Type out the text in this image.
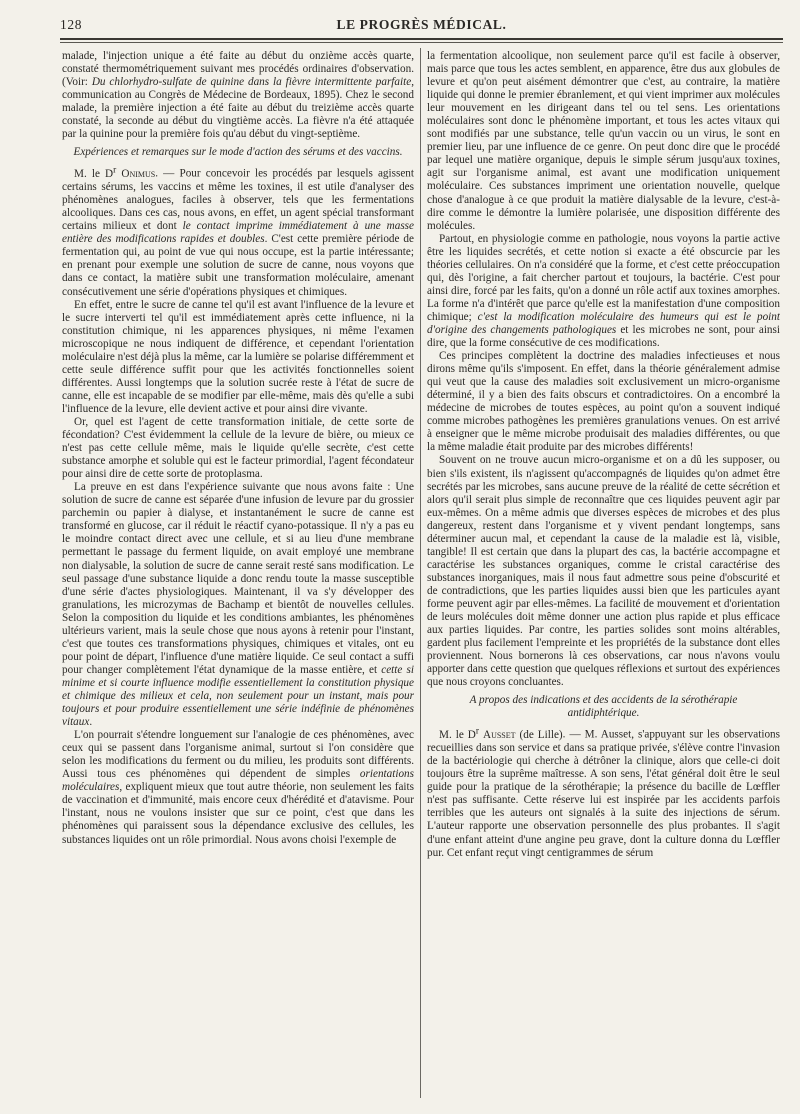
128	LE PROGRÈS MÉDICAL.

malade, l'injection unique a été faite au début du onzième accès quarte, constaté thermométriquement suivant mes procédés ordinaires d'observation. (Voir: Du chlorhydro-sulfate de quinine dans la fièvre intermittente parfaite, communication au Congrès de Médecine de Bordeaux, 1895). Chez le second malade, la première injection a été faite au début du treizième accès quarte constaté, la seconde au début du vingtième accès. La fièvre n'a été attaquée par la quinine pour la première fois qu'au début du vingt-septième.

Expériences et remarques sur le mode d'action des sérums et des vaccins.

M. le $D^r$ Onimus. — Pour concevoir les procédés par lesquels agissent certains sérums, les vaccins et même les toxines, il est utile d'analyser des phénomènes analogues, faciles à observer, tels que les fermentations alcooliques. Dans ces cas, nous avons, en effet, un agent spécial transformant certains milieux et dont le contact imprime immédiatement à une masse entière des modifications rapides et doubles. C'est cette première période de fermentation qui, au point de vue qui nous occupe, est la partie intéressante; en prenant pour exemple une solution de sucre de canne, nous voyons que dans ce contact, la matière subit une transformation moléculaire, amenant consécutivement une série d'opérations physiques et chimiques.

En effet, entre le sucre de canne tel qu'il est avant l'influence de la levure et le sucre interverti tel qu'il est immédiatement après cette influence, ni la constitution chimique, ni les apparences physiques, ni même l'examen microscopique ne nous indiquent de différence, et cependant l'orientation moléculaire n'est déjà plus la même, car la lumière se polarise différemment et cette seule différence suffit pour que les activités fonctionnelles soient différentes. Aussi longtemps que la solution sucrée reste à l'état de sucre de canne, elle est incapable de se modifier par elle-même, mais dès qu'elle a subi l'influence de la levure, elle devient active et pour ainsi dire vivante.

Or, quel est l'agent de cette transformation initiale, de cette sorte de fécondation? C'est évidemment la cellule de la levure de bière, ou mieux ce n'est pas cette cellule même, mais le liquide qu'elle secrète, c'est cette substance amorphe et soluble qui est le facteur primordial, l'agent fécondateur pour ainsi dire de cette sorte de protoplasma.

La preuve en est dans l'expérience suivante que nous avons faite : Une solution de sucre de canne est séparée d'une infusion de levure par du grossier parchemin ou papier à dialyse, et instantanément le sucre de canne est transformé en glucose, car il réduit le réactif cyano-potassique. Il n'y a pas eu le moindre contact direct avec une cellule, et si au lieu d'une membrane permettant le passage du ferment liquide, on avait employé une membrane non dialysable, la solution de sucre de canne serait resté sans modification. Le seul passage d'une substance liquide a donc rendu toute la masse susceptible d'une série d'actes physiologiques. Maintenant, il va s'y développer des granulations, les microzymas de Bachamp et bientôt de nouvelles cellules. Selon la composition du liquide et les conditions ambiantes, les phénomènes ultérieurs varient, mais la seule chose que nous ayons à retenir pour l'instant, c'est que toutes ces transformations physiques, chimiques et vitales, ont eu pour point de départ, l'influence d'une matière liquide. Ce seul contact a suffi pour changer complètement l'état dynamique de la masse entière, et cette si minime et si courte influence modifie essentiellement la constitution physique et chimique des milieux et cela, non seulement pour un instant, mais pour toujours et pour produire essentiellement une série indéfinie de phénomènes vitaux.

L'on pourrait s'étendre longuement sur l'analogie de ces phénomènes, avec ceux qui se passent dans l'organisme animal, surtout si l'on considère que selon les modifications du ferment ou du milieu, les produits sont différents. Aussi tous ces phénomènes qui dépendent de simples orientations moléculaires, expliquent mieux que tout autre théorie, non seulement les faits de vaccination et d'immunité, mais encore ceux d'hérédité et d'atavisme. Pour l'instant, nous ne voulons insister que sur ce point, c'est que dans les phénomènes qui paraissent sous la dépendance exclusive des cellules, les substances liquides ont un rôle primordial. Nous avons choisi l'exemple de

la fermentation alcoolique, non seulement parce qu'il est facile à observer, mais parce que tous les actes semblent, en apparence, être dus aux globules de levure et qu'on peut aisément démontrer que c'est, au contraire, la matière liquide qui donne le premier ébranlement, et qui vient imprimer aux molécules leur mouvement en les dirigeant dans tel ou tel sens. Les orientations moléculaires sont donc le phénomène important, et tous les actes vitaux qui sont modifiés par une substance, telle qu'un vaccin ou un virus, le sont en premier lieu, par une influence de ce genre. On peut donc dire que le procédé par lequel une matière organique, depuis le simple sérum jusqu'aux toxines, agit sur l'organisme animal, est avant une modification uniquement moléculaire. Ces substances impriment une orientation nouvelle, quelque chose d'analogue à ce que produit la matière dialysable de la levure, c'est-à-dire comme le démontre la lumière polarisée, une disposition différente des molécules.

Partout, en physiologie comme en pathologie, nous voyons la partie active être les liquides secrétés, et cette notion si exacte a été obscurcie par les théories cellulaires. On n'a considéré que la forme, et c'est cette préoccupation qui, dès l'origine, a fait chercher partout et toujours, la bactérie. C'est pour ainsi dire, forcé par les faits, qu'on a donné un rôle actif aux toxines amorphes. La forme n'a d'intérêt que parce qu'elle est la manifestation d'une composition chimique; c'est la modification moléculaire des humeurs qui est le point d'origine des changements pathologiques et les microbes ne sont, pour ainsi dire, que la forme consécutive de ces modifications.

Ces principes complètent la doctrine des maladies infectieuses et nous dirons même qu'ils s'imposent. En effet, dans la théorie généralement admise qui veut que la cause des maladies soit exclusivement un micro-organisme déterminé, il y a bien des faits obscurs et contradictoires. On a encombré la médecine de microbes de toutes espèces, au point qu'on a souvent indiqué comme microbes pathogènes les premières granulations venues. On est arrivé à enseigner que le même microbe produisait des maladies différentes, ou que la même maladie était produite par des microbes différents!

Souvent on ne trouve aucun micro-organisme et on a dû les supposer, ou bien s'ils existent, ils n'agissent qu'accompagnés de liquides qu'on admet être secrétés par les microbes, sans aucune preuve de la réalité de cette sécrétion et alors qu'il serait plus simple de reconnaître que ces liquides peuvent agir par eux-mêmes. On a même admis que diverses espèces de microbes et des plus dangereux, restent dans l'organisme et y vivent pendant longtemps, sans déterminer aucun mal, et cependant la cause de la maladie est là, visible, tangible! Il est certain que dans la plupart des cas, la bactérie accompagne et caractérise les substances organiques, comme le cristal caractérise des substances inorganiques, mais il nous faut admettre sous peine d'obscurité et de contradictions, que les parties liquides aussi bien que les particules ayant forme peuvent agir par elles-mêmes. La facilité de mouvement et d'orientation de leurs molécules doit même donner une action plus rapide et plus efficace aux parties liquides. Par contre, les parties solides sont moins altérables, gardent plus facilement l'empreinte et les propriétés de la substance dont elles proviennent. Nous bornerons là ces observations, car nous n'avons voulu apporter dans cette question que quelques réflexions et surtout des expériences que nous croyons concluantes.

A propos des indications et des accidents de la sérothérapie antidiphtérique.

M. le $D^r$ Ausset (de Lille). — M. Ausset, s'appuyant sur les observations recueillies dans son service et dans sa pratique privée, s'élève contre l'invasion de la bactériologie qui cherche à détrôner la clinique, alors que celle-ci doit toujours être la suprême maîtresse. A son sens, l'état général doit être le seul guide pour la pratique de la sérothérapie; la présence du bacille de Lœffler n'est pas suffisante. Cette réserve lui est inspirée par les accidents parfois terribles que les auteurs ont signalés à la suite des injections de sérum. L'auteur rapporte une observation personnelle des plus probantes. Il s'agit d'une enfant atteint d'une angine peu grave, dont la culture donna du Lœffler pur. Cet enfant reçut vingt centigrammes de sérum
